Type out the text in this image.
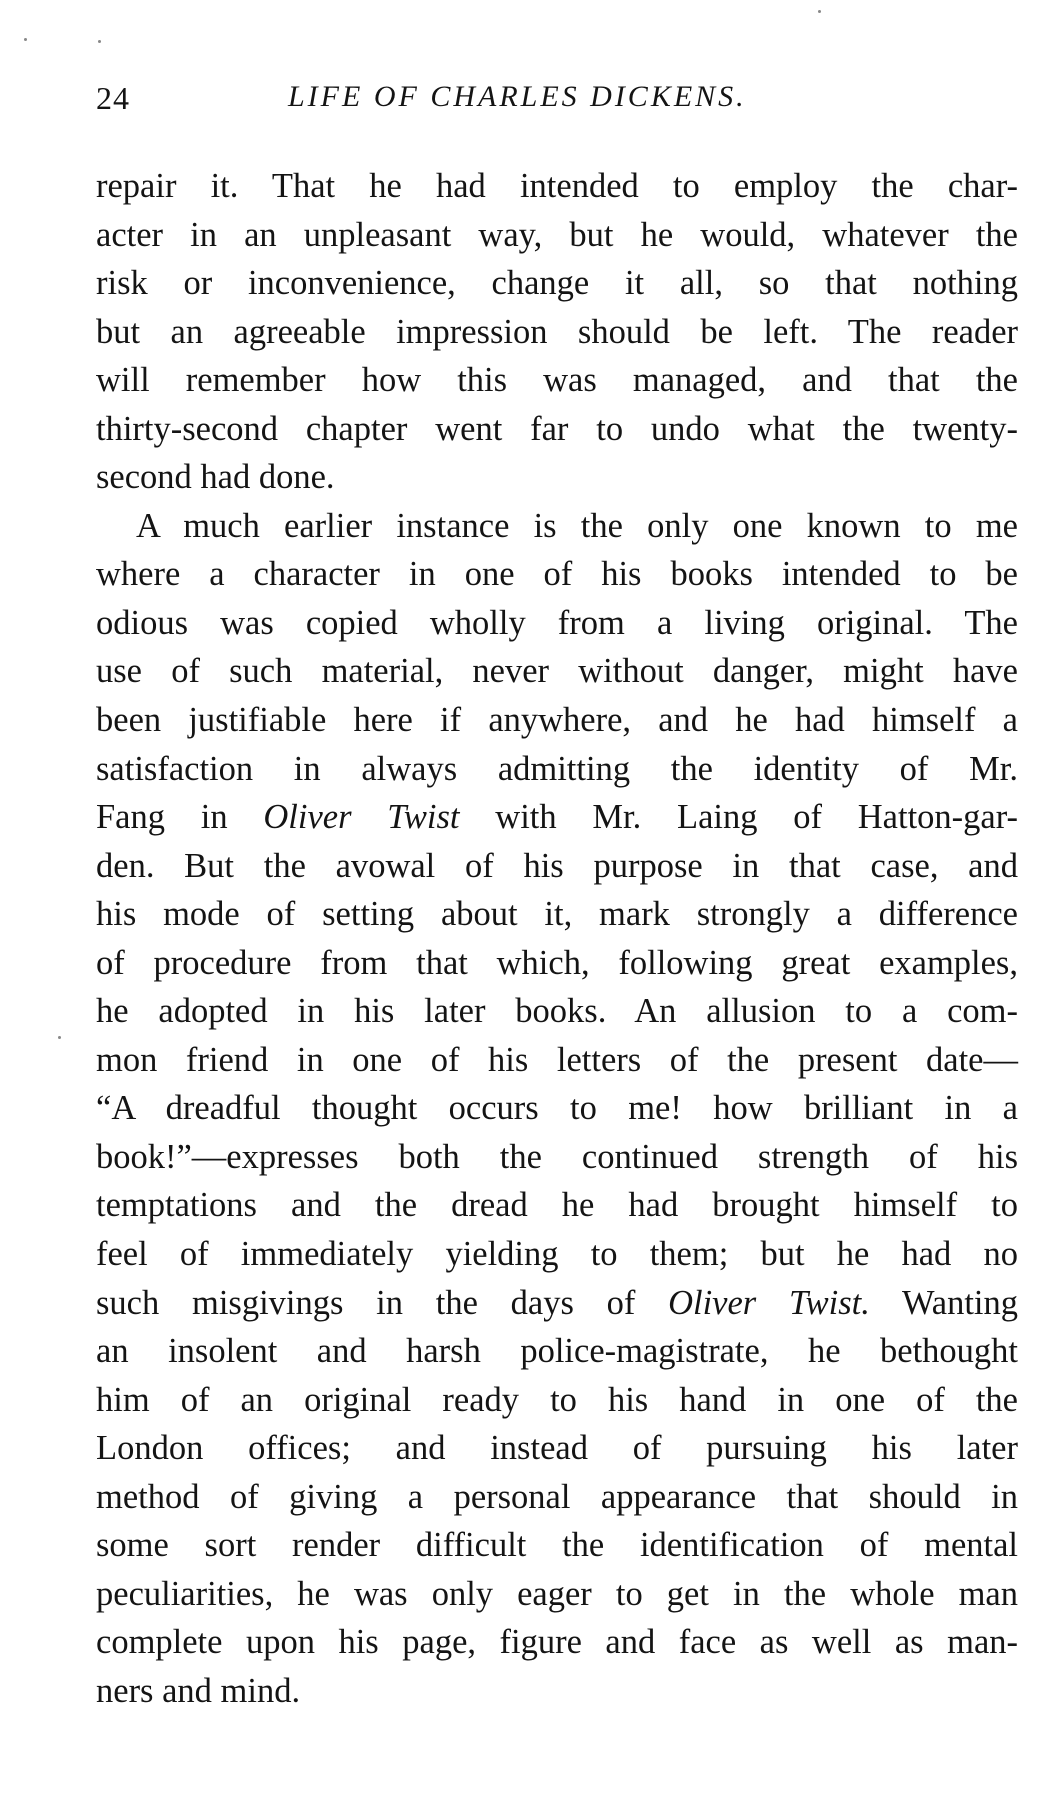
24	LIFE OF CHARLES DICKENS.
repair it. That he had intended to employ the char-
acter in an unpleasant way, but he would, whatever the
risk or inconvenience, change it all, so that nothing
but an agreeable impression should be left. The reader
will remember how this was managed, and that the
thirty-second chapter went far to undo what the twenty-
second had done.
A much earlier instance is the only one known to me
where a character in one of his books intended to be
odious was copied wholly from a living original. The
use of such material, never without danger, might have
been justifiable here if anywhere, and he had himself a
satisfaction in always admitting the identity of Mr.
Fang in Oliver Twist with Mr. Laing of Hatton-gar-
den. But the avowal of his purpose in that case, and
his mode of setting about it, mark strongly a difference
of procedure from that which, following great examples,
he adopted in his later books. An allusion to a com-
mon friend in one of his letters of the present date—
“A dreadful thought occurs to me! how brilliant in a
book!”—expresses both the continued strength of his
temptations and the dread he had brought himself to
feel of immediately yielding to them; but he had no
such misgivings in the days of Oliver Twist. Wanting
an insolent and harsh police-magistrate, he bethought
him of an original ready to his hand in one of the
London offices; and instead of pursuing his later
method of giving a personal appearance that should in
some sort render difficult the identification of mental
peculiarities, he was only eager to get in the whole man
complete upon his page, figure and face as well as man-
ners and mind.
